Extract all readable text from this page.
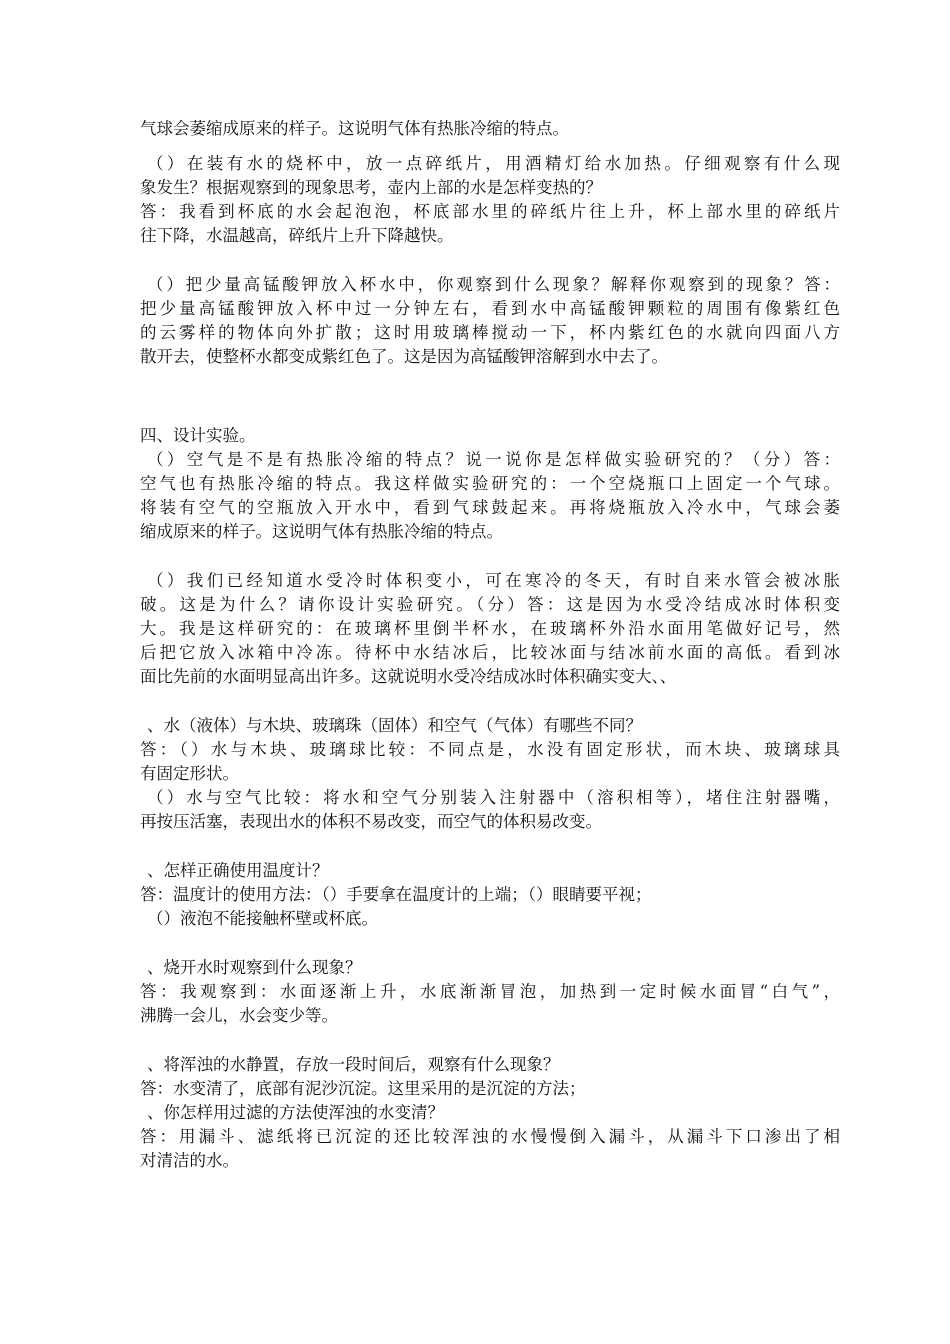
气球会萎缩成原来的样子。这说明气体有热胀冷缩的特点。
（）在装有水的烧杯中，放一点碎纸片，用酒精灯给水加热。仔细观察有什么现
象发生？根据观察到的现象思考，壶内上部的水是怎样变热的？
答：我看到杯底的水会起泡泡，杯底部水里的碎纸片往上升，杯上部水里的碎纸片
往下降，水温越高，碎纸片上升下降越快。
（）把少量高锰酸钾放入杯水中，你观察到什么现象？解释你观察到的现象？答：
把少量高锰酸钾放入杯中过一分钟左右，看到水中高锰酸钾颗粒的周围有像紫红色
的云雾样的物体向外扩散；这时用玻璃棒搅动一下，杯内紫红色的水就向四面八方
散开去，使整杯水都变成紫红色了。这是因为高锰酸钾溶解到水中去了。
四、设计实验。
（）空气是不是有热胀冷缩的特点？说一说你是怎样做实验研究的？（分）答：
空气也有热胀冷缩的特点。我这样做实验研究的：一个空烧瓶口上固定一个气球。
将装有空气的空瓶放入开水中，看到气球鼓起来。再将烧瓶放入冷水中，气球会萎
缩成原来的样子。这说明气体有热胀冷缩的特点。
（）我们已经知道水受冷时体积变小，可在寒冷的冬天，有时自来水管会被冰胀
破。这是为什么？请你设计实验研究。（分）答：这是因为水受冷结成冰时体积变
大。我是这样研究的：在玻璃杯里倒半杯水，在玻璃杯外沿水面用笔做好记号，然
后把它放入冰箱中冷冻。待杯中水结冰后，比较冰面与结冰前水面的高低。看到冰
面比先前的水面明显高出许多。这就说明水受冷结成冰时体积确实变大、、
、水（液体）与木块、玻璃珠（固体）和空气（气体）有哪些不同？
答：（）水与木块、玻璃球比较：不同点是，水没有固定形状，而木块、玻璃球具
有固定形状。
（）水与空气比较：将水和空气分别装入注射器中（溶积相等），堵住注射器嘴，
再按压活塞，表现出水的体积不易改变，而空气的体积易改变。
、怎样正确使用温度计？
答：温度计的使用方法：（）手要拿在温度计的上端；（）眼睛要平视；
（）液泡不能接触杯壁或杯底。
、烧开水时观察到什么现象？
答：我观察到：水面逐渐上升，水底渐渐冒泡，加热到一定时候水面冒“白气”，
沸腾一会儿，水会变少等。
、将浑浊的水静置，存放一段时间后，观察有什么现象？
答：水变清了，底部有泥沙沉淀。这里采用的是沉淀的方法；
、你怎样用过滤的方法使浑浊的水变清？
答：用漏斗、滤纸将已沉淀的还比较浑浊的水慢慢倒入漏斗，从漏斗下口渗出了相
对清洁的水。
